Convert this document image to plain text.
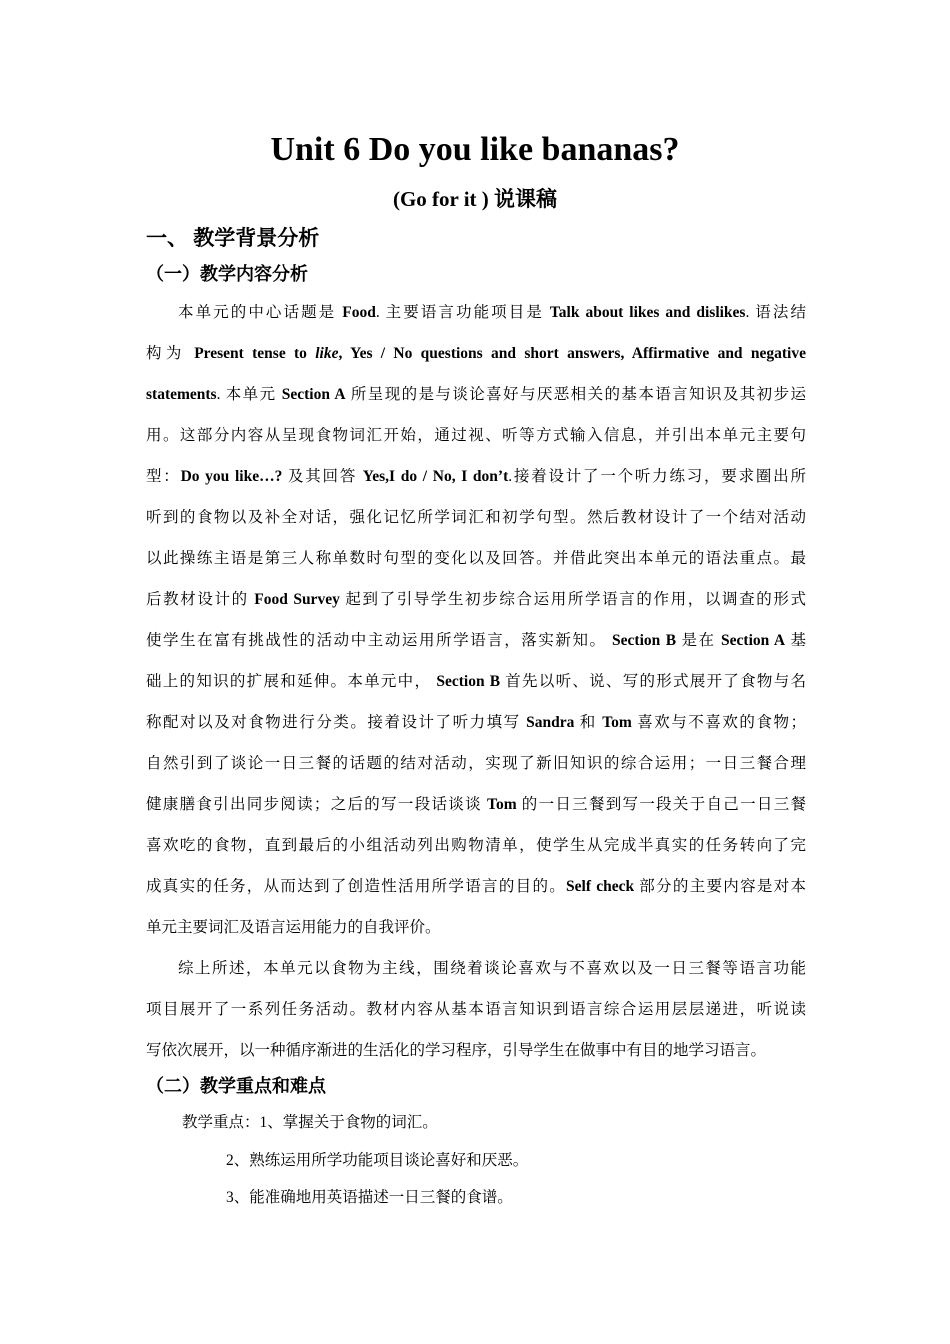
Unit 6 Do you like bananas?
(Go for it ) 说课稿
一、 教学背景分析
（一）教学内容分析
本单元的中心话题是 Food. 主要语言功能项目是 Talk about likes and dislikes. 语法结
构为 Present tense to like, Yes / No questions and short answers, Affirmative and negative
statements. 本单元 Section A 所呈现的是与谈论喜好与厌恶相关的基本语言知识及其初步运
用。这部分内容从呈现食物词汇开始，通过视、听等方式输入信息，并引出本单元主要句
型：Do you like…? 及其回答 Yes,I do / No, I don’t.接着设计了一个听力练习，要求圈出所
听到的食物以及补全对话，强化记忆所学词汇和初学句型。然后教材设计了一个结对活动
以此操练主语是第三人称单数时句型的变化以及回答。并借此突出本单元的语法重点。最
后教材设计的 Food Survey 起到了引导学生初步综合运用所学语言的作用，以调查的形式
使学生在富有挑战性的活动中主动运用所学语言，落实新知。 Section B 是在 Section A 基
础上的知识的扩展和延伸。本单元中， Section B 首先以听、说、写的形式展开了食物与名
称配对以及对食物进行分类。接着设计了听力填写 Sandra 和 Tom 喜欢与不喜欢的食物；
自然引到了谈论一日三餐的话题的结对活动，实现了新旧知识的综合运用；一日三餐合理
健康膳食引出同步阅读；之后的写一段话谈谈 Tom 的一日三餐到写一段关于自己一日三餐
喜欢吃的食物，直到最后的小组活动列出购物清单，使学生从完成半真实的任务转向了完
成真实的任务，从而达到了创造性活用所学语言的目的。Self check 部分的主要内容是对本
单元主要词汇及语言运用能力的自我评价。
综上所述，本单元以食物为主线，围绕着谈论喜欢与不喜欢以及一日三餐等语言功能
项目展开了一系列任务活动。教材内容从基本语言知识到语言综合运用层层递进，听说读
写依次展开，以一种循序渐进的生活化的学习程序，引导学生在做事中有目的地学习语言。
（二）教学重点和难点
教学重点：1、掌握关于食物的词汇。
2、熟练运用所学功能项目谈论喜好和厌恶。
3、能准确地用英语描述一日三餐的食谱。
